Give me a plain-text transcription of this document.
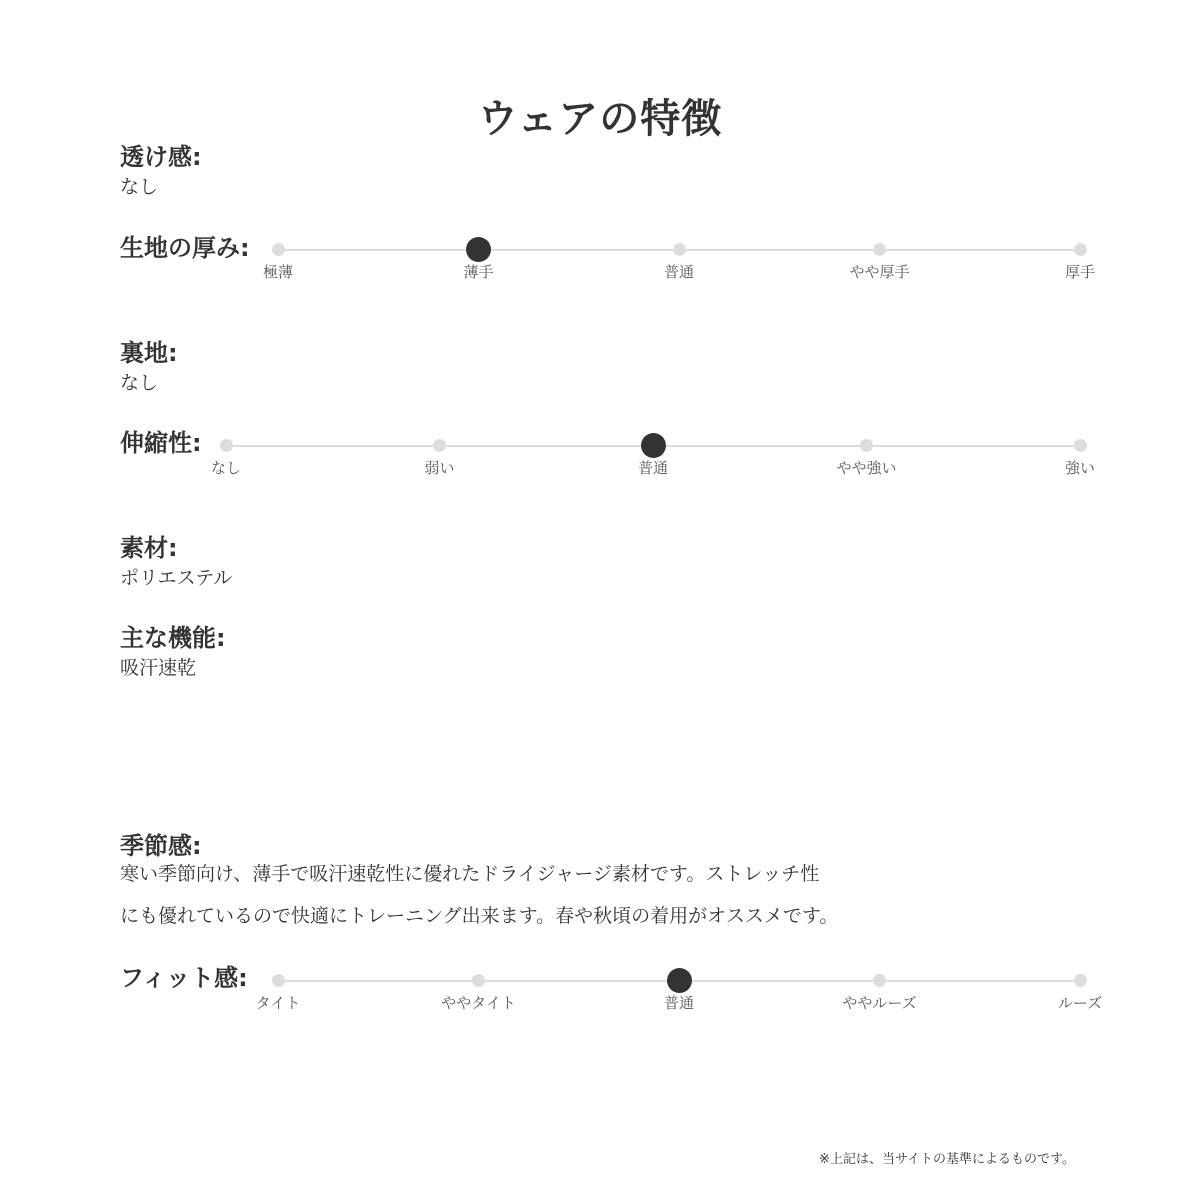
ウェアの特徴
透け感:
なし
生地の厚み:
極薄	薄手	普通	やや厚手	厚手
裏地:
なし
伸縮性:
なし	弱い	普通	やや強い	強い
素材:
ポリエステル
主な機能:
吸汗速乾
季節感:
寒い季節向け、薄手で吸汗速乾性に優れたドライジャージ素材です。ストレッチ性
にも優れているので快適にトレーニング出来ます。春や秋頃の着用がオススメです。
フィット感:
タイト	ややタイト	普通	ややルーズ	ルーズ
※上記は、当サイトの基準によるものです。
